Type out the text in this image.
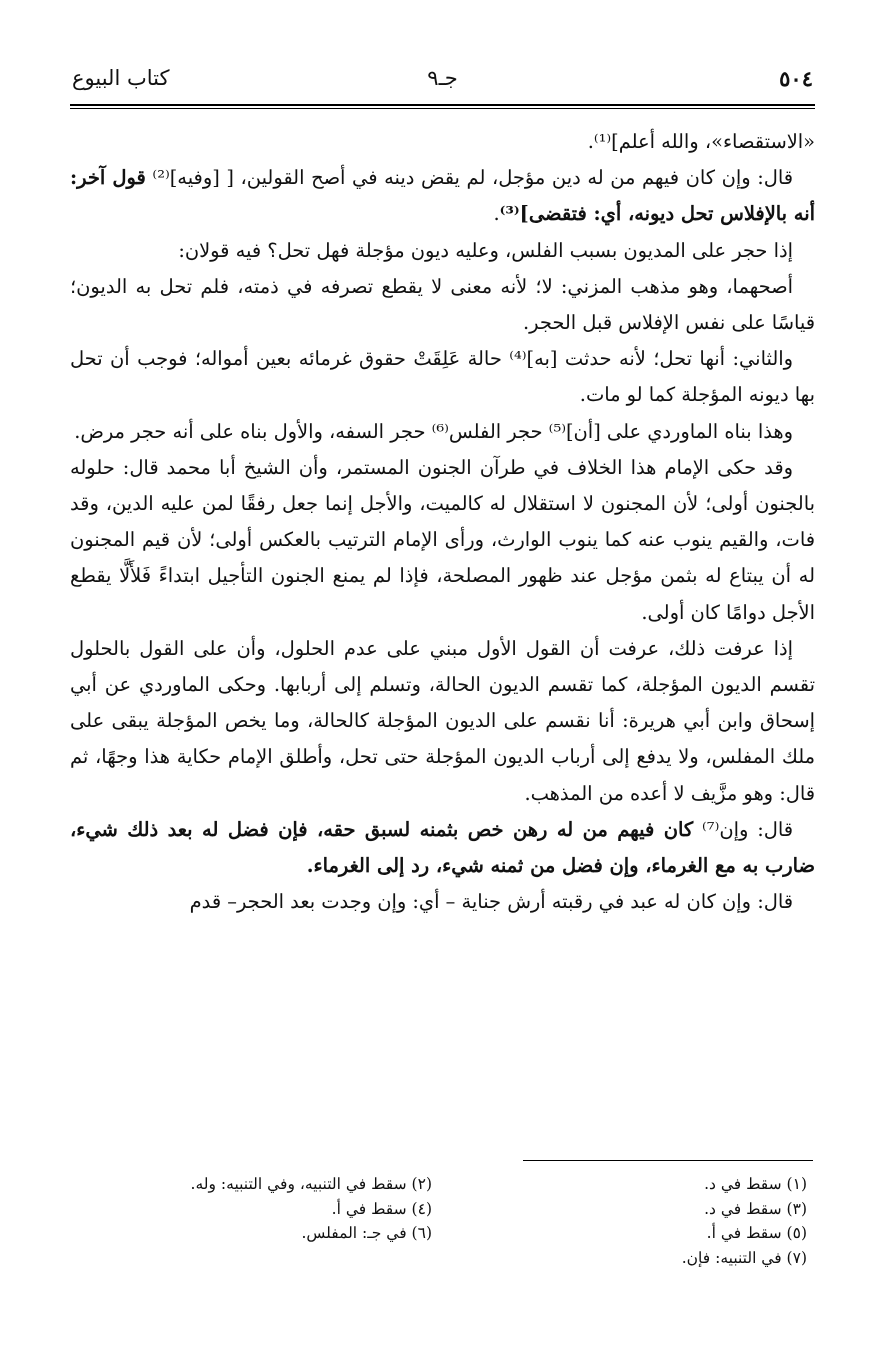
٥٠٤
جـ٩
كتاب البيوع

«الاستقصاء»، والله أعلم]⁽¹⁾.

قال: وإن كان فيهم من له دين مؤجل، لم يقض دينه في أصح القولين، [ [وفيه]⁽²⁾ قول آخر: أنه بالإفلاس تحل ديونه، أي: فتقضى]⁽³⁾.

إذا حجر على المديون بسبب الفلس، وعليه ديون مؤجلة فهل تحل؟ فيه قولان:

أصحهما، وهو مذهب المزني: لا؛ لأنه معنى لا يقطع تصرفه في ذمته، فلم تحل به الديون؛ قياسًا على نفس الإفلاس قبل الحجر.

والثاني: أنها تحل؛ لأنه حدثت [به]⁽⁴⁾ حالة عَلِقَتْ حقوق غرمائه بعين أمواله؛ فوجب أن تحل بها ديونه المؤجلة كما لو مات.

وهذا بناه الماوردي على [أن]⁽⁵⁾ حجر الفلس⁽⁶⁾ حجر السفه، والأول بناه على أنه حجر مرض.

وقد حكى الإمام هذا الخلاف في طرآن الجنون المستمر، وأن الشيخ أبا محمد قال: حلوله بالجنون أولى؛ لأن المجنون لا استقلال له كالميت، والأجل إنما جعل رفقًا لمن عليه الدين، وقد فات، والقيم ينوب عنه كما ينوب الوارث، ورأى الإمام الترتيب بالعكس أولى؛ لأن قيم المجنون له أن يبتاع له بثمن مؤجل عند ظهور المصلحة، فإذا لم يمنع الجنون التأجيل ابتداءً فَلأَلَّا يقطع الأجل دوامًا كان أولى.

إذا عرفت ذلك، عرفت أن القول الأول مبني على عدم الحلول، وأن على القول بالحلول تقسم الديون المؤجلة، كما تقسم الديون الحالة، وتسلم إلى أربابها. وحكى الماوردي عن أبي إسحاق وابن أبي هريرة: أنا نقسم على الديون المؤجلة كالحالة، وما يخص المؤجلة يبقى على ملك المفلس، ولا يدفع إلى أرباب الديون المؤجلة حتى تحل، وأطلق الإمام حكاية هذا وجهًا، ثم قال: وهو مزَّيف لا أعده من المذهب.

قال: وإن⁽⁷⁾ كان فيهم من له رهن خص بثمنه لسبق حقه، فإن فضل له بعد ذلك شيء، ضارب به مع الغرماء، وإن فضل من ثمنه شيء، رد إلى الغرماء.

قال: وإن كان له عبد في رقبته أرش جناية – أي: وإن وجدت بعد الحجر– قدم

(١) سقط في د.
(٣) سقط في د.
(٥) سقط في أ.
(٧) في التنبيه: فإن.
(٢) سقط في التنبيه، وفي التنبيه: وله.
(٤) سقط في أ.
(٦) في جـ: المفلس.
